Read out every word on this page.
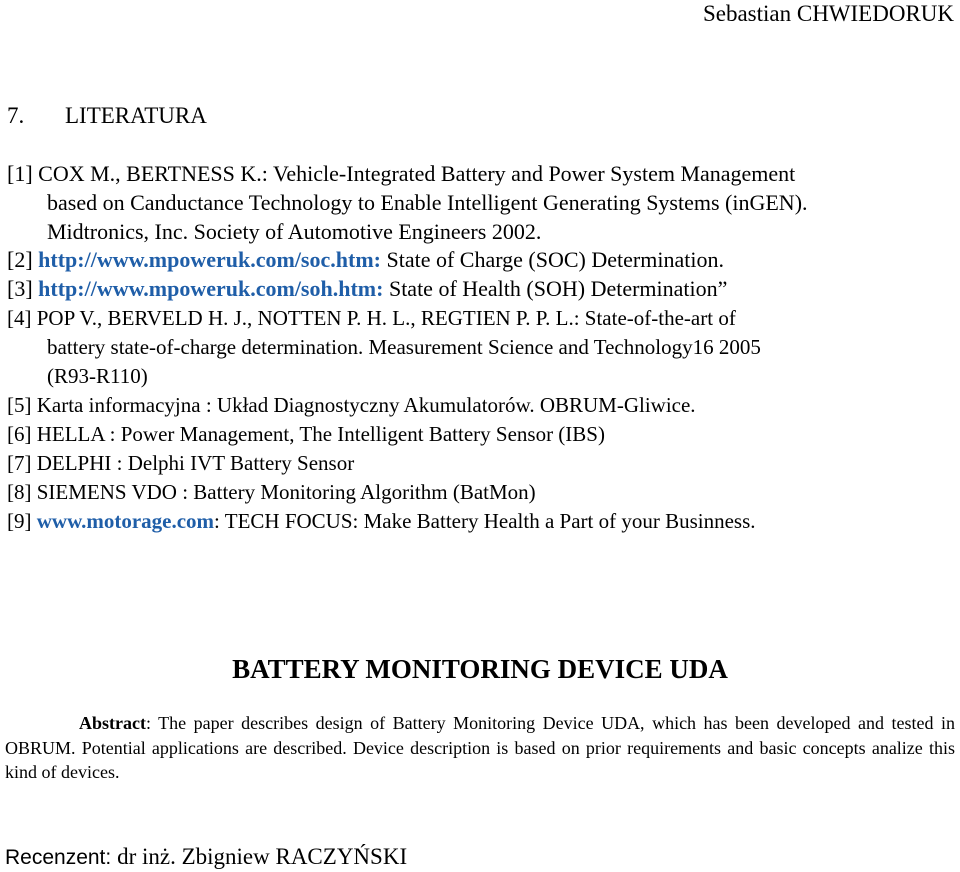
Sebastian CHWIEDORUK
7. LITERATURA
[1] COX M., BERTNESS K.: Vehicle-Integrated Battery and Power System Management
based on Canductance Technology to Enable Intelligent Generating Systems (inGEN).
Midtronics, Inc. Society of Automotive Engineers 2002.
[2] http://www.mpoweruk.com/soc.htm: State of Charge (SOC) Determination.
[3] http://www.mpoweruk.com/soh.htm: State of Health (SOH) Determination”
[4] POP V., BERVELD H. J., NOTTEN P. H. L., REGTIEN P. P. L.: State-of-the-art of
battery state-of-charge determination. Measurement Science and Technology16 2005
(R93-R110)
[5] Karta informacyjna : Układ Diagnostyczny Akumulatorów. OBRUM-Gliwice.
[6] HELLA : Power Management, The Intelligent Battery Sensor (IBS)
[7] DELPHI : Delphi IVT Battery Sensor
[8] SIEMENS VDO : Battery Monitoring Algorithm (BatMon)
[9] www.motorage.com: TECH FOCUS: Make Battery Health a Part of your Businness.
BATTERY MONITORING DEVICE UDA
Abstract: The paper describes design of Battery Monitoring Device UDA, which has been developed and tested in OBRUM. Potential applications are described. Device description is based on prior requirements and basic concepts analize this kind of devices.
Recenzent: dr inż. Zbigniew RACZYŃSKI
